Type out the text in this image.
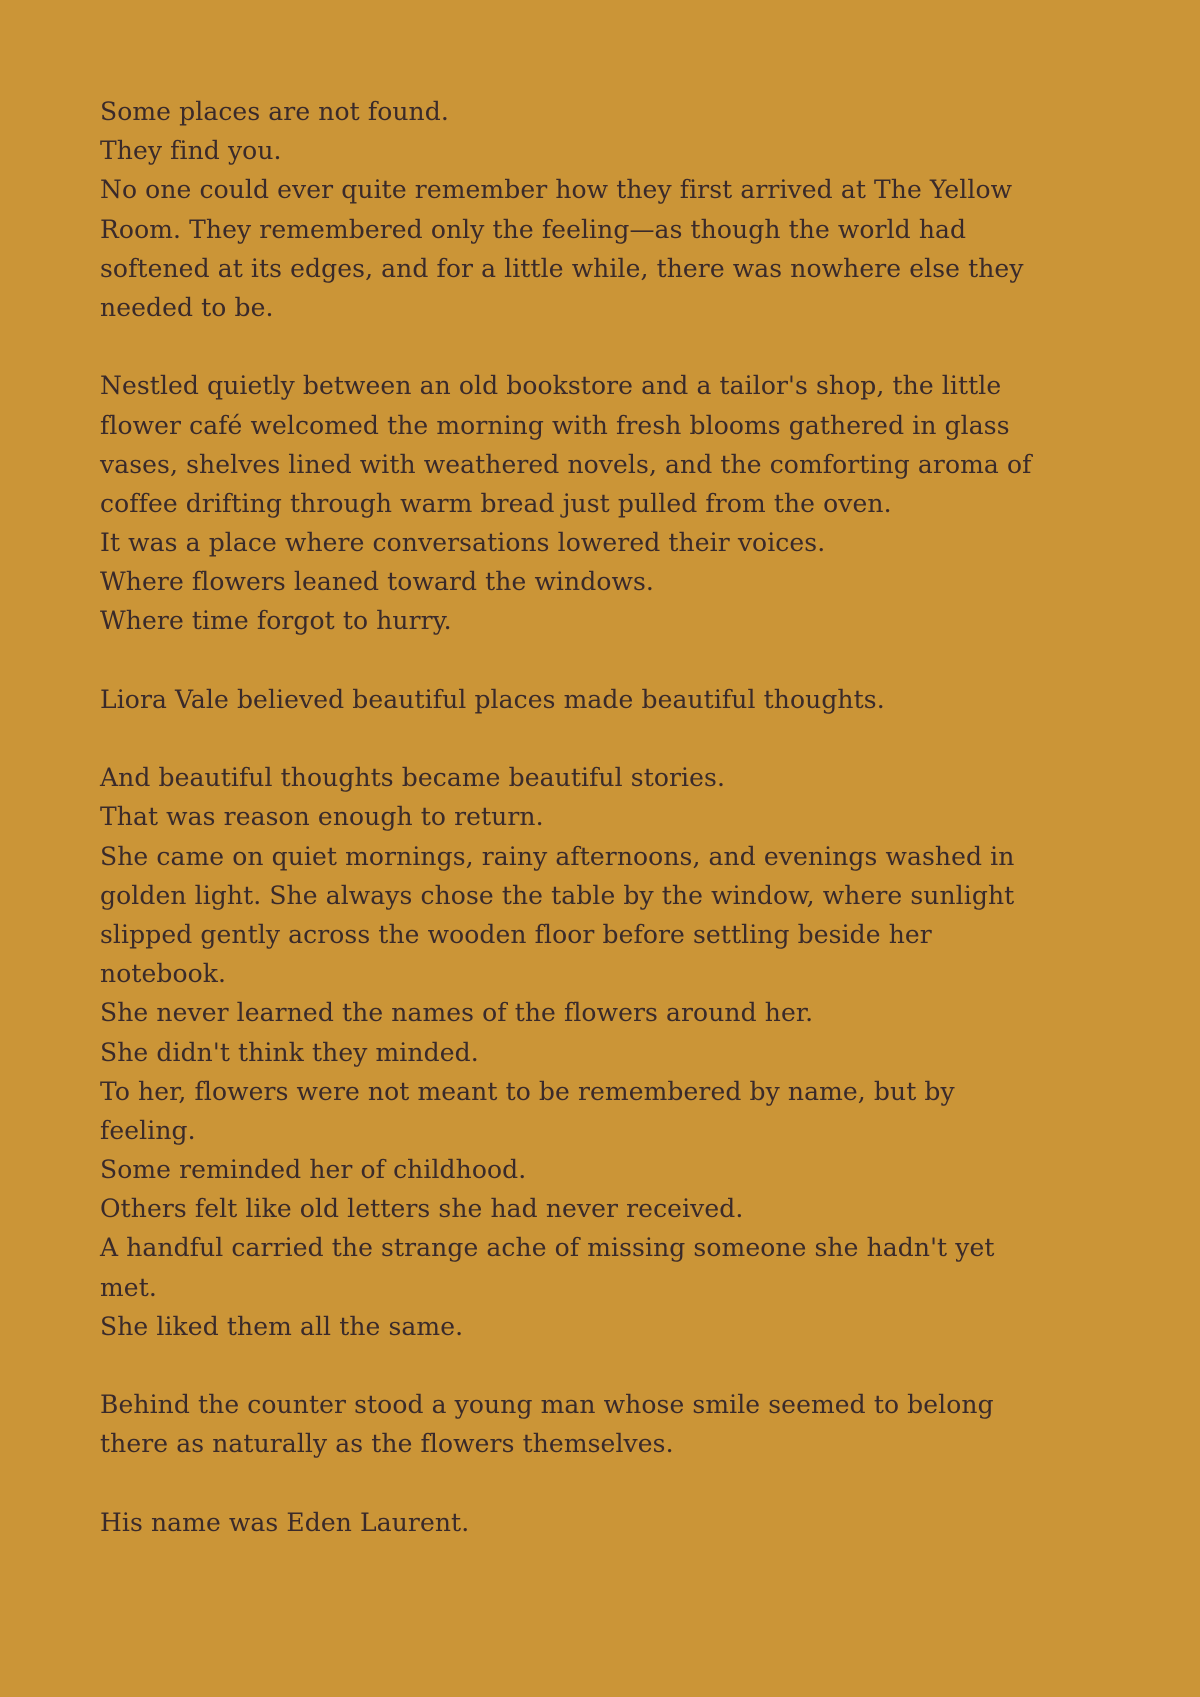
Some places are not found.
They find you.
No one could ever quite remember how they first arrived at The Yellow
Room. They remembered only the feeling—as though the world had
softened at its edges, and for a little while, there was nowhere else they
needed to be.
Nestled quietly between an old bookstore and a tailor's shop, the little
flower café welcomed the morning with fresh blooms gathered in glass
vases, shelves lined with weathered novels, and the comforting aroma of
coffee drifting through warm bread just pulled from the oven.
It was a place where conversations lowered their voices.
Where flowers leaned toward the windows.
Where time forgot to hurry.
Liora Vale believed beautiful places made beautiful thoughts.
And beautiful thoughts became beautiful stories.
That was reason enough to return.
She came on quiet mornings, rainy afternoons, and evenings washed in
golden light. She always chose the table by the window, where sunlight
slipped gently across the wooden floor before settling beside her
notebook.
She never learned the names of the flowers around her.
She didn't think they minded.
To her, flowers were not meant to be remembered by name, but by
feeling.
Some reminded her of childhood.
Others felt like old letters she had never received.
A handful carried the strange ache of missing someone she hadn't yet
met.
She liked them all the same.
Behind the counter stood a young man whose smile seemed to belong
there as naturally as the flowers themselves.
His name was Eden Laurent.
